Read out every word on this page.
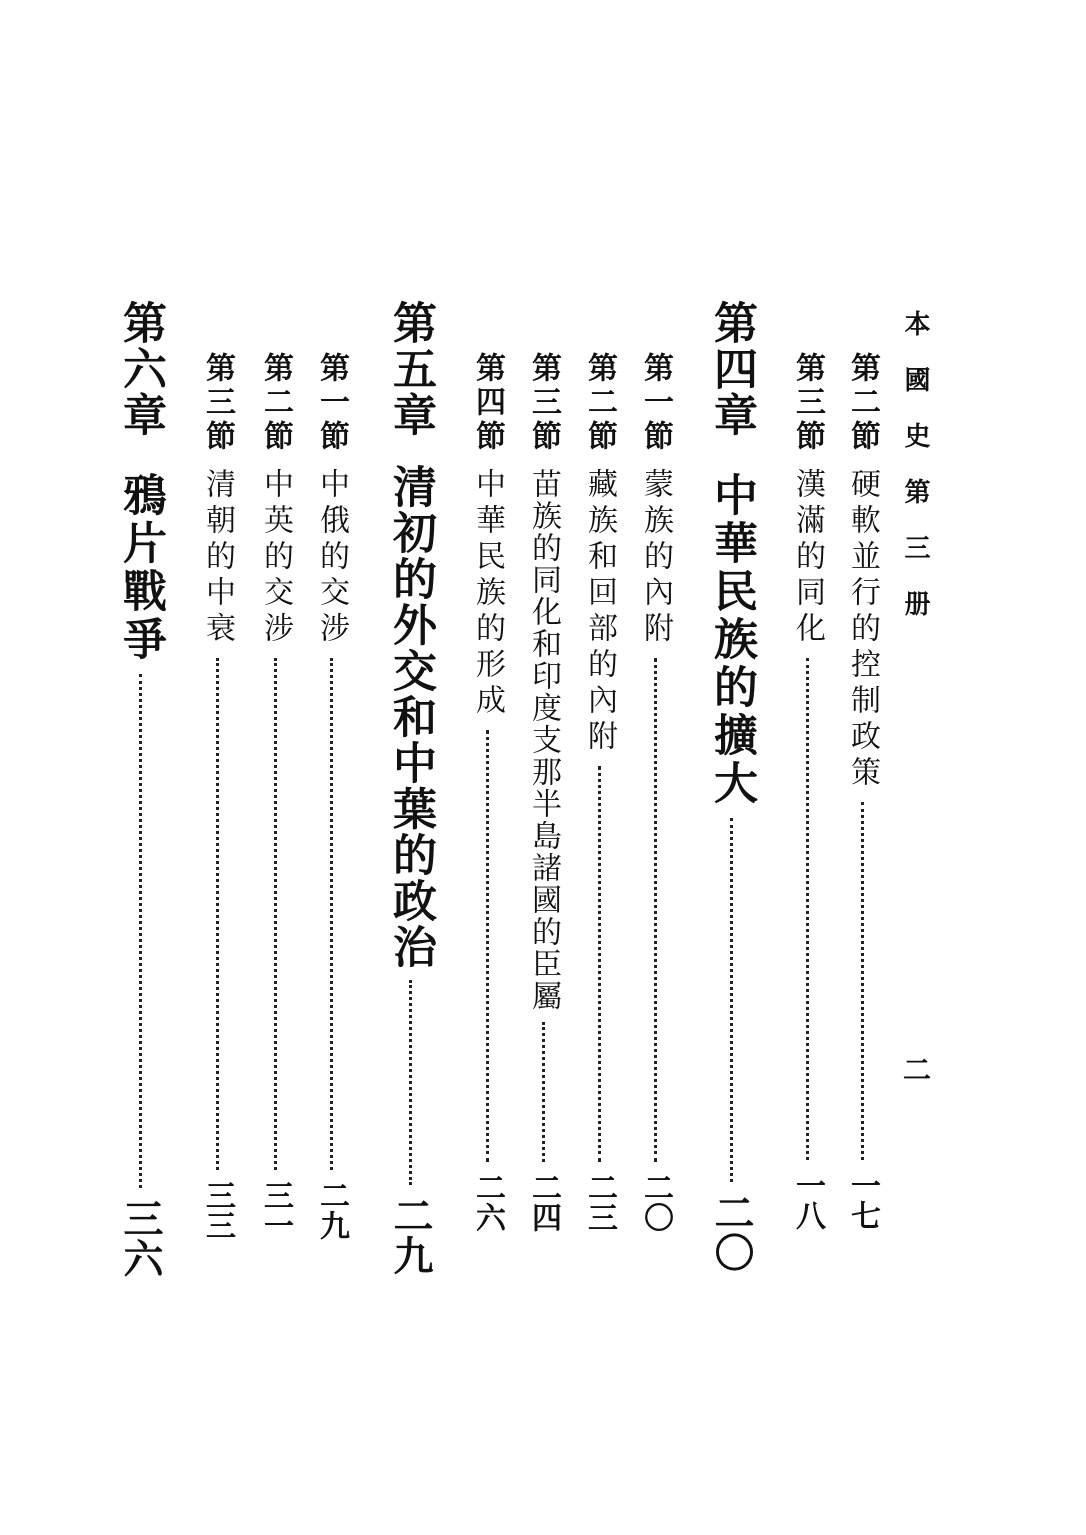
本國史第三册
二
第二節
硬軟並行的控制政策
一七
第三節
漢滿的同化
一八
第四章
中華民族的擴大
二〇
第一節
蒙族的內附
二〇
第二節
藏族和回部的內附
二三
第三節
苗族的同化和印度支那半島諸國的臣屬
二四
第四節
中華民族的形成
二六
第五章
清初的外交和中葉的政治
二九
第一節
中俄的交涉
二九
第二節
中英的交涉
三一
第三節
清朝的中衰
三三
第六章
鴉片戰爭
三六
